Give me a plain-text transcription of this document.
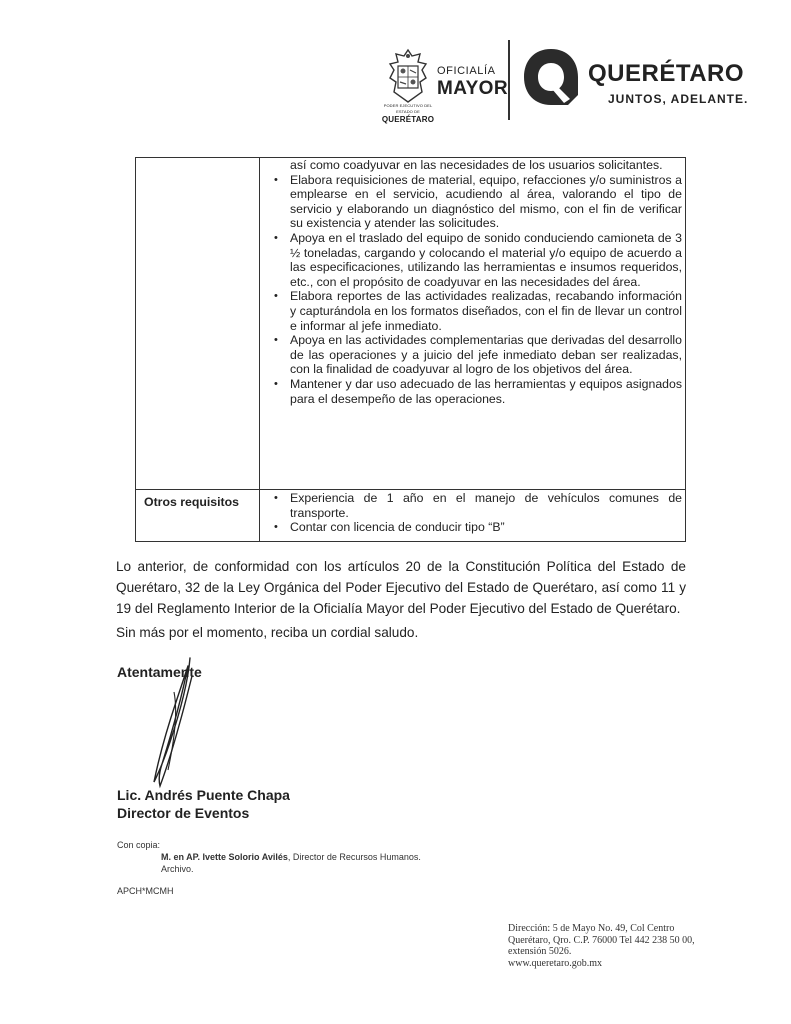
PODER EJECUTIVO DEL ESTADO DE
QUERÉTARO
OFICIALÍA
MAYOR
QUERÉTARO
JUNTOS, ADELANTE.
así como coadyuvar en las necesidades de los usuarios solicitantes.
• Elabora requisiciones de material, equipo, refacciones y/o suministros a emplearse en el servicio, acudiendo al área, valorando el tipo de servicio y elaborando un diagnóstico del mismo, con el fin de verificar su existencia y atender las solicitudes.
• Apoya en el traslado del equipo de sonido conduciendo camioneta de 3 ½ toneladas, cargando y colocando el material y/o equipo de acuerdo a las especificaciones, utilizando las herramientas e insumos requeridos, etc., con el propósito de coadyuvar en las necesidades del área.
• Elabora reportes de las actividades realizadas, recabando información y capturándola en los formatos diseñados, con el fin de llevar un control e informar al jefe inmediato.
• Apoya en las actividades complementarias que derivadas del desarrollo de las operaciones y a juicio del jefe inmediato deban ser realizadas, con la finalidad de coadyuvar al logro de los objetivos del área.
• Mantener y dar uso adecuado de las herramientas y equipos asignados para el desempeño de las operaciones.
Otros requisitos	• Experiencia de 1 año en el manejo de vehículos comunes de transporte.
• Contar con licencia de conducir tipo “B”
Lo anterior, de conformidad con los artículos 20 de la Constitución Política del Estado de Querétaro, 32 de la Ley Orgánica del Poder Ejecutivo del Estado de Querétaro, así como 11 y 19 del Reglamento Interior de la Oficialía Mayor del Poder Ejecutivo del Estado de Querétaro.
Sin más por el momento, reciba un cordial saludo.
Atentamente
Lic. Andrés Puente Chapa
Director de Eventos
Con copia:
M. en AP. Ivette Solorio Avilés, Director de Recursos Humanos.
Archivo.
APCH*MCMH
Dirección: 5 de Mayo No. 49, Col Centro
Querétaro, Qro. C.P. 76000 Tel 442 238 50 00,
extensión 5026.
www.queretaro.gob.mx
